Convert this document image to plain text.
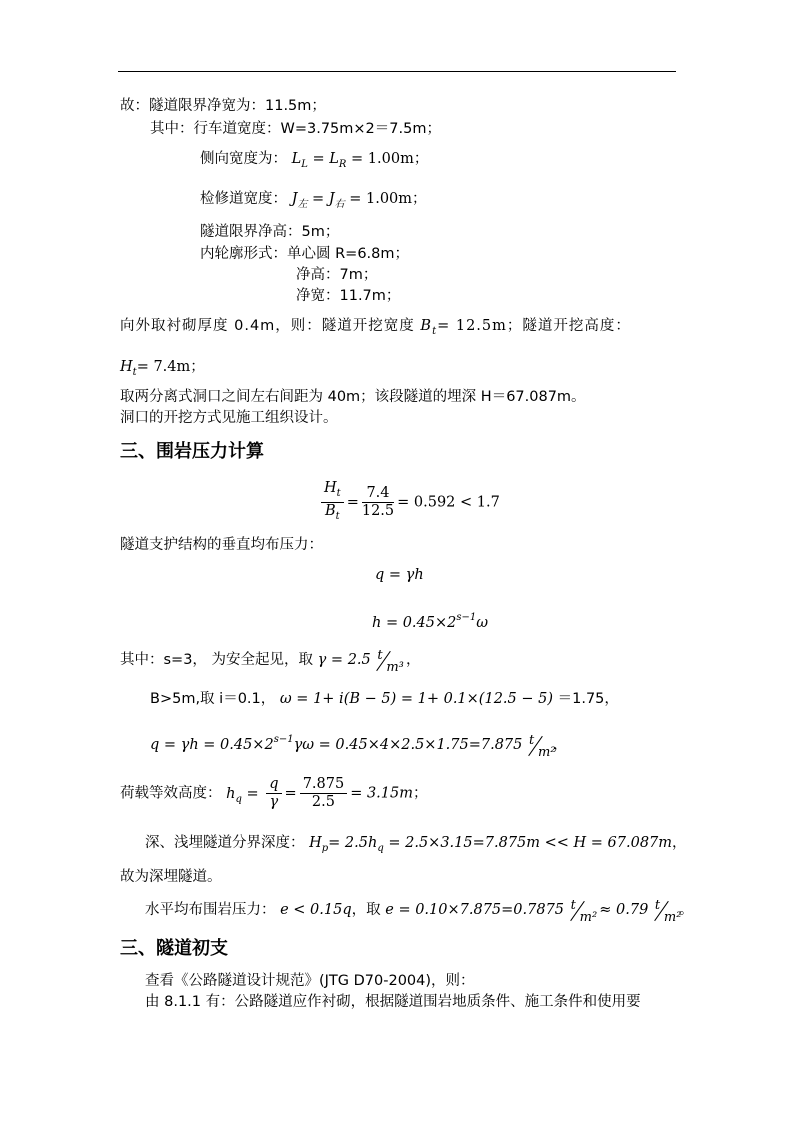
故：隧道限界净宽为：11.5m；
其中：行车道宽度：W=3.75m×2＝7.5m；
侧向宽度为： $L_L = L_R = 1.00m$；
检修道宽度： $J_左 = J_右 = 1.00m$；
隧道限界净高：5m；
内轮廓形式：单心圆 R=6.8m；
净高：7m；
净宽：11.7m；
向外取衬砌厚度 0.4m，则：隧道开挖宽度 $B_t= 12.5m$；隧道开挖高度：
$H_t= 7.4m$；
取两分离式洞口之间左右间距为 40m；该段隧道的埋深 H＝67.087m。
洞口的开挖方式见施工组织设计。
三、围岩压力计算
$\frac{H_t}{B_t} = \frac{7.4}{12.5} = 0.592 < 1.7$
隧道支护结构的垂直均布压力：
q = γh
$h = 0.45\times 2^{s-1}\omega$
其中：s=3， 为安全起见，取 γ = 2.5 t
m³ ，
B>5m,取 i＝0.1， ω = 1+ i(B − 5) = 1+ 0.1×(12.5 − 5) ＝1.75，
$q = \gamma h = 0.45\times 2^{s-1}\gamma\omega = 0.45\times 4\times 2.5\times 1.75=7.875$ t
m²
，
荷载等效高度： $h_q = \frac{q}{\gamma} = \frac{7.875}{2.5} = 3.15m$；
深、浅埋隧道分界深度： $H_p= 2.5h_q = 2.5\times 3.15=7.875m << H = 67.087m$，
故为深埋隧道。
水平均布围岩压力： e < 0.15q，取 e = 0.10×7.875=0.7875 t
m² ≈ 0.79 t
m²
。
三、隧道初支
查看《公路隧道设计规范》(JTG D70-2004)，则：
由 8.1.1 有：公路隧道应作衬砌，根据隧道围岩地质条件、施工条件和使用要
